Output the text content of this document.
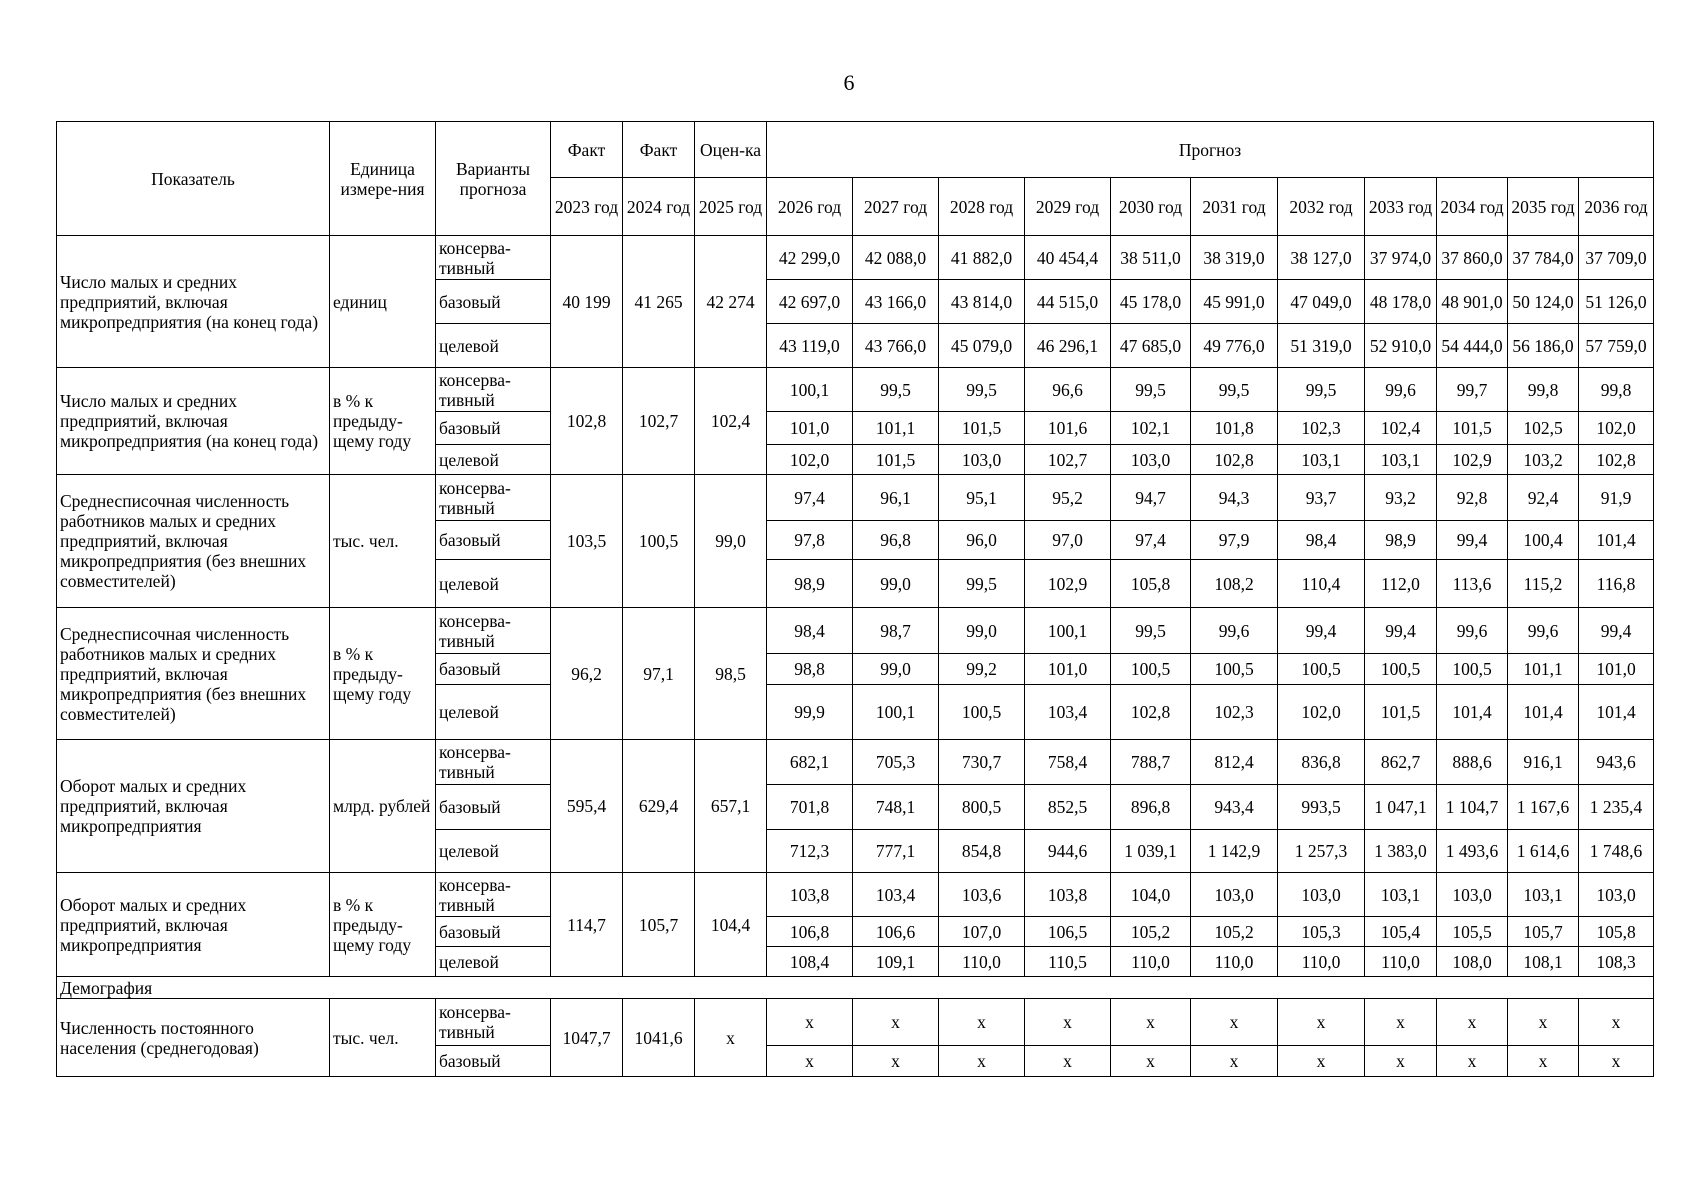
6
Показатель	Единица измере-ния	Варианты прогноза	Факт	Факт	Оцен-ка	Прогноз										
			2023 год	2024 год	2025 год	2026 год	2027 год	2028 год	2029 год	2030 год	2031 год	2032 год	2033 год	2034 год	2035 год	2036 год
Число малых и средних предприятий, включая микропредприятия (на конец года)	единиц	консерва-тивный	40 199	41 265	42 274	42 299,0	42 088,0	41 882,0	40 454,4	38 511,0	38 319,0	38 127,0	37 974,0	37 860,0	37 784,0	37 709,0
		базовый				42 697,0	43 166,0	43 814,0	44 515,0	45 178,0	45 991,0	47 049,0	48 178,0	48 901,0	50 124,0	51 126,0
		целевой				43 119,0	43 766,0	45 079,0	46 296,1	47 685,0	49 776,0	51 319,0	52 910,0	54 444,0	56 186,0	57 759,0
Число малых и средних предприятий, включая микропредприятия (на конец года)	в % к предыду-щему году	консерва-тивный	102,8	102,7	102,4	100,1	99,5	99,5	96,6	99,5	99,5	99,5	99,6	99,7	99,8	99,8
		базовый				101,0	101,1	101,5	101,6	102,1	101,8	102,3	102,4	101,5	102,5	102,0
		целевой				102,0	101,5	103,0	102,7	103,0	102,8	103,1	103,1	102,9	103,2	102,8
Среднесписочная численность работников малых и средних предприятий, включая микропредприятия (без внешних совместителей)	тыс. чел.	консерва-тивный	103,5	100,5	99,0	97,4	96,1	95,1	95,2	94,7	94,3	93,7	93,2	92,8	92,4	91,9
		базовый				97,8	96,8	96,0	97,0	97,4	97,9	98,4	98,9	99,4	100,4	101,4
		целевой				98,9	99,0	99,5	102,9	105,8	108,2	110,4	112,0	113,6	115,2	116,8
Среднесписочная численность работников малых и средних предприятий, включая микропредприятия (без внешних совместителей)	в % к предыду-щему году	консерва-тивный	96,2	97,1	98,5	98,4	98,7	99,0	100,1	99,5	99,6	99,4	99,4	99,6	99,6	99,4
		базовый				98,8	99,0	99,2	101,0	100,5	100,5	100,5	100,5	100,5	101,1	101,0
		целевой				99,9	100,1	100,5	103,4	102,8	102,3	102,0	101,5	101,4	101,4	101,4
Оборот малых и средних предприятий, включая микропредприятия	млрд. рублей	консерва-тивный	595,4	629,4	657,1	682,1	705,3	730,7	758,4	788,7	812,4	836,8	862,7	888,6	916,1	943,6
		базовый				701,8	748,1	800,5	852,5	896,8	943,4	993,5	1 047,1	1 104,7	1 167,6	1 235,4
		целевой				712,3	777,1	854,8	944,6	1 039,1	1 142,9	1 257,3	1 383,0	1 493,6	1 614,6	1 748,6
Оборот малых и средних предприятий, включая микропредприятия	в % к предыду-щему году	консерва-тивный	114,7	105,7	104,4	103,8	103,4	103,6	103,8	104,0	103,0	103,0	103,1	103,0	103,1	103,0
		базовый				106,8	106,6	107,0	106,5	105,2	105,2	105,3	105,4	105,5	105,7	105,8
		целевой				108,4	109,1	110,0	110,5	110,0	110,0	110,0	110,0	108,0	108,1	108,3
Демография																
Численность постоянного населения (среднегодовая)	тыс. чел.	консерва-тивный	1047,7	1041,6	x	x	x	x	x	x	x	x	x	x	x	x
		базовый				x	x	x	x	x	x	x	x	x	x	x
